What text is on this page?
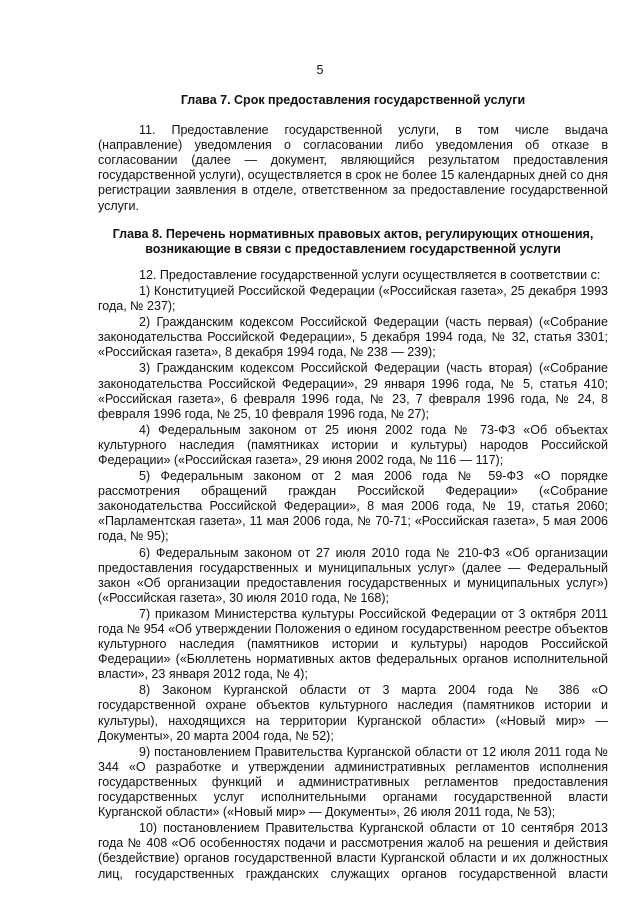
5
Глава 7. Срок предоставления государственной услуги

11. Предоставление государственной услуги, в том числе выдача (направление) уведомления о согласовании либо уведомления об отказе в согласовании (далее — документ, являющийся результатом предоставления государственной услуги), осуществляется в срок не более 15 календарных дней со дня регистрации заявления в отделе, ответственном за предоставление государственной услуги.

Глава 8. Перечень нормативных правовых актов, регулирующих отношения, возникающие в связи с предоставлением государственной услуги

12. Предоставление государственной услуги осуществляется в соответствии с:

1) Конституцией Российской Федерации («Российская газета», 25 декабря 1993 года, № 237);

2) Гражданским кодексом Российской Федерации (часть первая) («Собрание законодательства Российской Федерации», 5 декабря 1994 года, № 32, статья 3301; «Российская газета», 8 декабря 1994 года, № 238 — 239);

3) Гражданским кодексом Российской Федерации (часть вторая) («Собрание законодательства Российской Федерации», 29 января 1996 года, № 5, статья 410; «Российская газета», 6 февраля 1996 года, № 23, 7 февраля 1996 года, № 24, 8 февраля 1996 года, № 25, 10 февраля 1996 года, № 27);

4) Федеральным законом от 25 июня 2002 года № 73-ФЗ «Об объектах культурного наследия (памятниках истории и культуры) народов Российской Федерации» («Российская газета», 29 июня 2002 года, № 116 — 117);

5) Федеральным законом от 2 мая 2006 года № 59-ФЗ «О порядке рассмотрения обращений граждан Российской Федерации» («Собрание законодательства Российской Федерации», 8 мая 2006 года, № 19, статья 2060; «Парламентская газета», 11 мая 2006 года, № 70-71; «Российская газета», 5 мая 2006 года, № 95);

6) Федеральным законом от 27 июля 2010 года № 210-ФЗ «Об организации предоставления государственных и муниципальных услуг» (далее — Федеральный закон «Об организации предоставления государственных и муниципальных услуг») («Российская газета», 30 июля 2010 года, № 168);

7) приказом Министерства культуры Российской Федерации от 3 октября 2011 года № 954 «Об утверждении Положения о едином государственном реестре объектов культурного наследия (памятников истории и культуры) народов Российской Федерации» («Бюллетень нормативных актов федеральных органов исполнительной власти», 23 января 2012 года, № 4);

8) Законом Курганской области от 3 марта 2004 года № 386 «О государственной охране объектов культурного наследия (памятников истории и культуры), находящихся на территории Курганской области» («Новый мир» — Документы», 20 марта 2004 года, № 52);

9) постановлением Правительства Курганской области от 12 июля 2011 года № 344 «О разработке и утверждении административных регламентов исполнения государственных функций и административных регламентов предоставления государственных услуг исполнительными органами государственной власти Курганской области» («Новый мир» — Документы», 26 июля 2011 года, № 53);

10) постановлением Правительства Курганской области от 10 сентября 2013 года № 408 «Об особенностях подачи и рассмотрения жалоб на решения и действия (бездействие) органов государственной власти Курганской области и их должностных лиц, государственных гражданских служащих органов государственной власти
